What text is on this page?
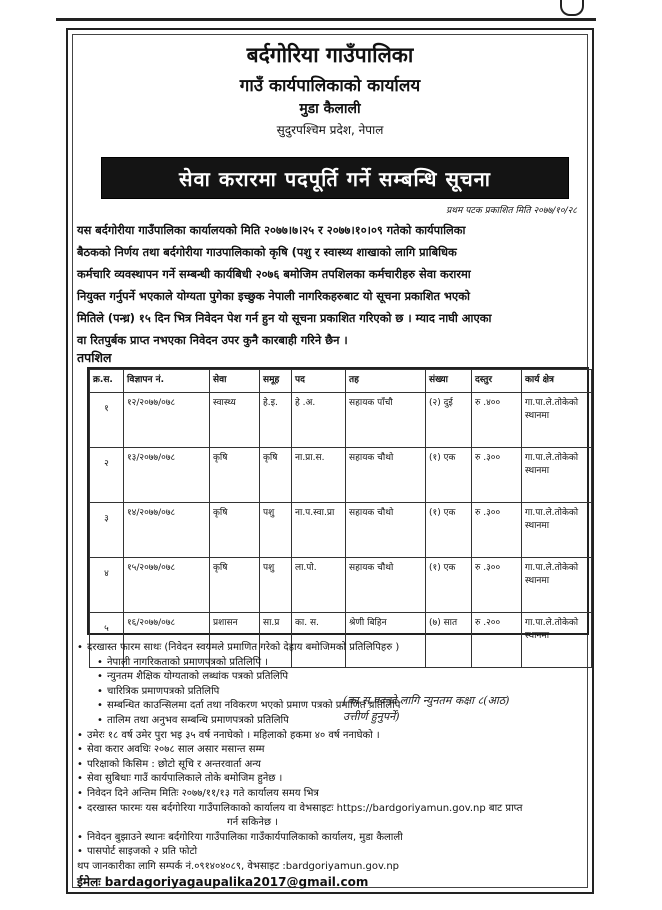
बर्दगोरिया गाउँपालिका
गाउँ कार्यपालिकाको कार्यालय
मुडा कैलाली
सुदुरपश्चिम प्रदेश, नेपाल
सेवा करारमा पदपूर्ति गर्ने सम्बन्धि सूचना
प्रथम पटक प्रकाशित मिति २०७७/१०/२८
यस बर्दगोरीया गाउँपालिका कार्यालयको मिति २०७७।७।२५ र २०७७।१०।०९ गतेको कार्यपालिका
बैठकको निर्णय तथा बर्दगोरीया गाउपालिकाको कृषि (पशु र स्वास्थ्य शाखाको लागि प्राबिधिक
कर्मचारि व्यवस्थापन गर्ने सम्बन्धी कार्यबिधी २०७६ बमोजिम तपशिलका कर्मचारीहरु सेवा करारमा
नियुक्त गर्नुपर्ने भएकाले योग्यता पुगेका इच्छुक नेपाली नागरिकहरुबाट यो सूचना प्रकाशित भएको
मितिले (पन्ध्र) १५ दिन भित्र निवेदन पेश गर्न हुन यो सूचना प्रकाशित गरिएको छ । म्याद नाघी आएका
वा रितपुर्बक प्राप्त नभएका निवेदन उपर कुनै कारबाही गरिने छैन ।
तपशिल
क्र.स.	विज्ञापन नं.	सेवा	समूह	पद	तह	संख्या	दस्तुर	कार्य क्षेत्र
१	१२/२०७७/०७८	स्वास्थ्य	हे.इ.	हे .अ.	सहायक पाँचौ	(२) दुई	रु .४००	गा.पा.ले.तोकेको स्थानमा
२	१३/२०७७/०७८	कृषि	कृषि	ना.प्रा.स.	सहायक चौथो	(१) एक	रु .३००	गा.पा.ले.तोकेको स्थानमा
३	१४/२०७७/०७८	कृषि	पशु	ना.प.स्वा.प्रा	सहायक चौथो	(१) एक	रु .३००	गा.पा.ले.तोकेको स्थानमा
४	१५/२०७७/०७८	कृषि	पशु	ला.पो.	सहायक चौथो	(१) एक	रु .३००	गा.पा.ले.तोकेको स्थानमा
५	१६/२०७७/०७८	प्रशासन	सा.प्र	का. स.	श्रेणी बिहिन	(७) सात	रु .२००	गा.पा.ले.तोकेको स्थानमा

• दरखास्त फारम साथः (निवेदन स्वयमले प्रमाणित गरेको देहाय बमोजिमको प्रतिलिपिहरु )

• नेपाली नागरिकताको प्रमाणपत्रको प्रतिलिपि ।

• न्युनतम शैक्षिक योग्यताको लब्धांक पत्रको प्रतिलिपि

• चारित्रिक प्रमाणपत्रको प्रतिलिपि

• सम्बन्धित काउन्सिलमा दर्ता तथा नविकरण भएको प्रमाण पत्रको प्रमाणित प्रतिलिपि

• तालिम तथा अनुभव सम्बन्धि प्रमाणपत्रको प्रतिलिपि

• उमेरः १८ वर्ष उमेर पुरा भइ ३५ वर्ष ननाघेको । महिलाको हकमा ४० वर्ष ननाघेको ।

• सेवा करार अवधिः २०७८ साल असार मसान्त सम्म

• परिक्षाको किसिम : छोटो सूचि र अन्तरवार्ता अन्य

• सेवा सुबिधाः गाउँ कार्यपालिकाले तोके बमोजिम हुनेछ ।

• निवेदन दिने अन्तिम मितिः २०७७/११/१३ गते कार्यालय समय भित्र

• दरखास्त फारमः यस बर्दगोरिया गाउँपालिकाको कार्यालय वा वेभसाइटः https://bardgoriyamun.gov.np बाट प्राप्त

गर्न सकिनेछ ।

• निवेदन बुझाउने स्थानः बर्दगोरिया गाउँपालिका गाउँकार्यपालिकाको कार्यालय, मुडा कैलाली

• पासपोर्ट साइजको २ प्रति फोटो

थप जानकारीका लागि सम्पर्क नं.०९१४०४०८९, वेभसाइट :bardgoriyamun.gov.np

ईमेलः bardagoriyagaupalika2017@gmail.com

(का.स.पदको लागि न्युनतम कक्षा ८(आठ) उत्तीर्ण हुनुपर्ने)
